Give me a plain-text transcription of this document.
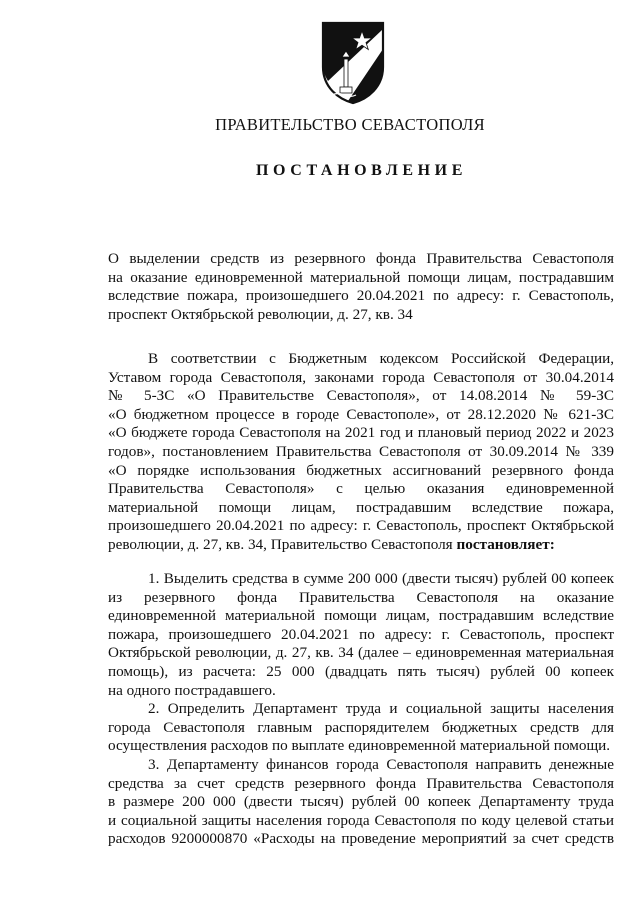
ПРАВИТЕЛЬСТВО СЕВАСТОПОЛЯ
ПОСТАНОВЛЕНИЕ
О выделении средств из резервного фонда Правительства Севастополя
на оказание единовременной материальной помощи лицам, пострадавшим
вследствие пожара, произошедшего 20.04.2021 по адресу: г. Севастополь,
проспект Октябрьской революции, д. 27, кв. 34
В соответствии с Бюджетным кодексом Российской Федерации,
Уставом города Севастополя, законами города Севастополя от 30.04.2014
№ 5-ЗС «О Правительстве Севастополя», от 14.08.2014 № 59-ЗС
«О бюджетном процессе в городе Севастополе», от 28.12.2020 № 621-ЗС
«О бюджете города Севастополя на 2021 год и плановый период 2022 и 2023
годов», постановлением Правительства Севастополя от 30.09.2014 № 339
«О порядке использования бюджетных ассигнований резервного фонда
Правительства Севастополя» с целью оказания единовременной
материальной помощи лицам, пострадавшим вследствие пожара,
произошедшего 20.04.2021 по адресу: г. Севастополь, проспект Октябрьской
революции, д. 27, кв. 34, Правительство Севастополя постановляет:
1. Выделить средства в сумме 200 000 (двести тысяч) рублей 00 копеек
из резервного фонда Правительства Севастополя на оказание
единовременной материальной помощи лицам, пострадавшим вследствие
пожара, произошедшего 20.04.2021 по адресу: г. Севастополь, проспект
Октябрьской революции, д. 27, кв. 34 (далее – единовременная материальная
помощь), из расчета: 25 000 (двадцать пять тысяч) рублей 00 копеек
на одного пострадавшего.
2. Определить Департамент труда и социальной защиты населения
города Севастополя главным распорядителем бюджетных средств для
осуществления расходов по выплате единовременной материальной помощи.
3. Департаменту финансов города Севастополя направить денежные
средства за счет средств резервного фонда Правительства Севастополя
в размере 200 000 (двести тысяч) рублей 00 копеек Департаменту труда
и социальной защиты населения города Севастополя по коду целевой статьи
расходов 9200000870 «Расходы на проведение мероприятий за счет средств
